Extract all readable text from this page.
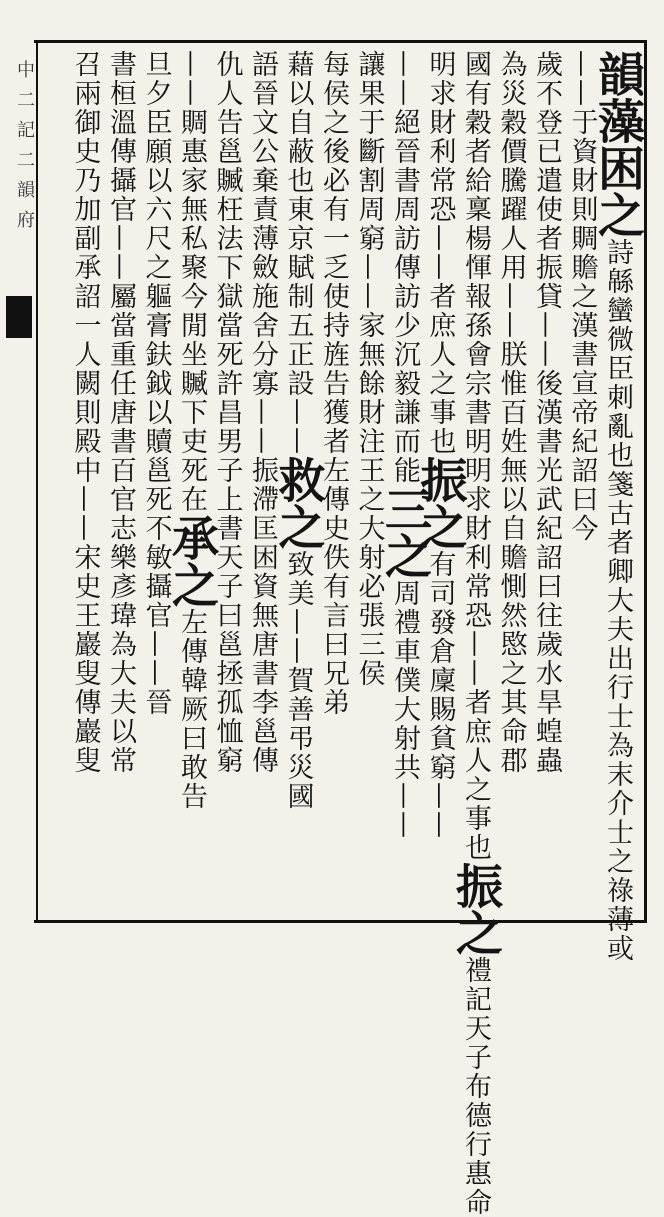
中二記二韻府	韻藻困之詩緜蠻微臣刺亂也箋古者卿大夫出行士為末介士之祿薄或
——于資財則賙贍之漢書宣帝紀詔曰今
歲不登已遣使者振貸——後漢書光武紀詔曰往歲水旱蝗蟲
為災穀價騰躍人用——朕惟百姓無以自贍惻然愍之其命郡
國有穀者給稟楊惲報孫會宗書明明求財利常恐——者庶人之事也振之禮記天子布德行惠命
明求財利常恐——者庶人之事也振之有司發倉廩賜貧窮——
——絕晉書周訪傳訪少沉毅謙而能三之周禮車僕大射共——
讓果于斷割周窮——家無餘財注王之大射必張三侯
每侯之後必有一乏使持旌告獲者左傳史佚有言曰兄弟
藉以自蔽也東京賦制五正設——救之致美——賀善弔災國
語晉文公棄責薄斂施舍分寡——振滯匡困資無唐書李邕傳
仇人告邕贓枉法下獄當死許昌男子上書天子曰邕拯孤恤窮
——賙惠家無私聚今閒坐贓下吏死在承之左傳韓厥曰敢告
旦夕臣願以六尺之軀膏鈇鉞以贖邕死不敏攝官——晉
書桓溫傳攝官——屬當重任唐書百官志樂彥瑋為大夫以常
召兩御史乃加副承詔一人闕則殿中——宋史王巖叟傳巖叟
